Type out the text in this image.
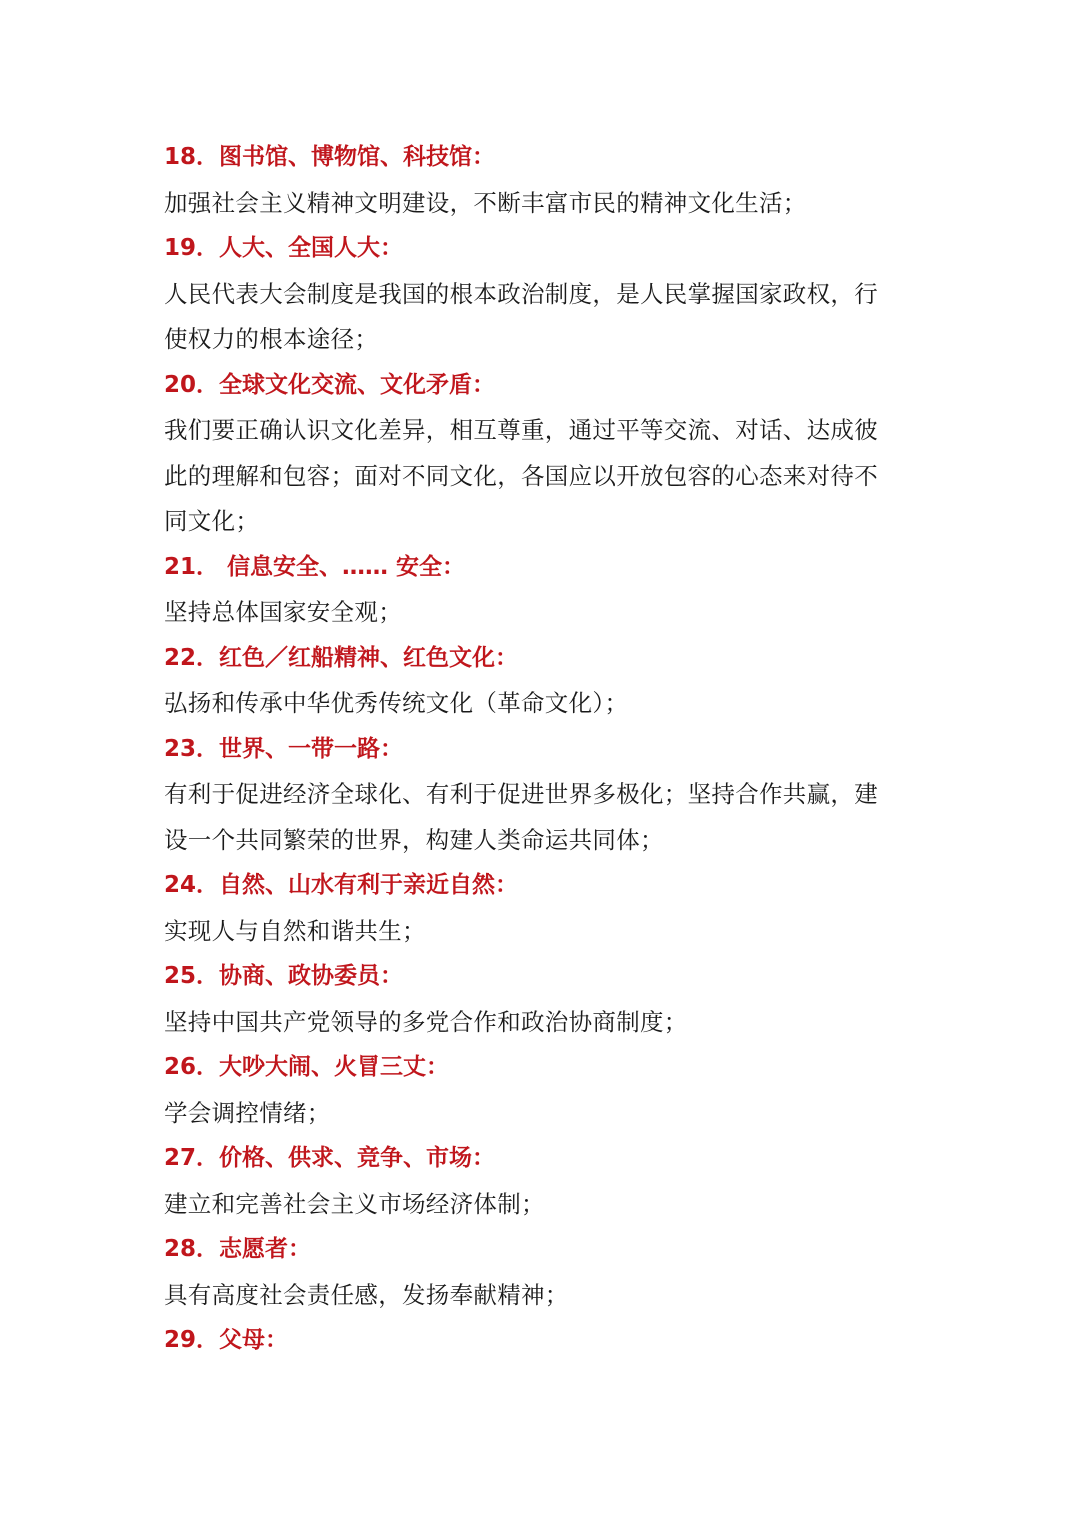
18．图书馆、博物馆、科技馆：
加强社会主义精神文明建设，不断丰富市民的精神文化生活；
19．人大、全国人大：
人民代表大会制度是我国的根本政治制度，是人民掌握国家政权，行
使权力的根本途径；
20．全球文化交流、文化矛盾：
我们要正确认识文化差异，相互尊重，通过平等交流、对话、达成彼
此的理解和包容；面对不同文化，各国应以开放包容的心态来对待不
同文化；
21． 信息安全、…… 安全：
坚持总体国家安全观；
22．红色／红船精神、红色文化：
弘扬和传承中华优秀传统文化（革命文化）；
23．世界、一带一路：
有利于促进经济全球化、有利于促进世界多极化；坚持合作共赢，建
设一个共同繁荣的世界，构建人类命运共同体；
24．自然、山水有利于亲近自然：
实现人与自然和谐共生；
25．协商、政协委员：
坚持中国共产党领导的多党合作和政治协商制度；
26．大吵大闹、火冒三丈：
学会调控情绪；
27．价格、供求、竞争、市场：
建立和完善社会主义市场经济体制；
28．志愿者：
具有高度社会责任感，发扬奉献精神；
29．父母：
